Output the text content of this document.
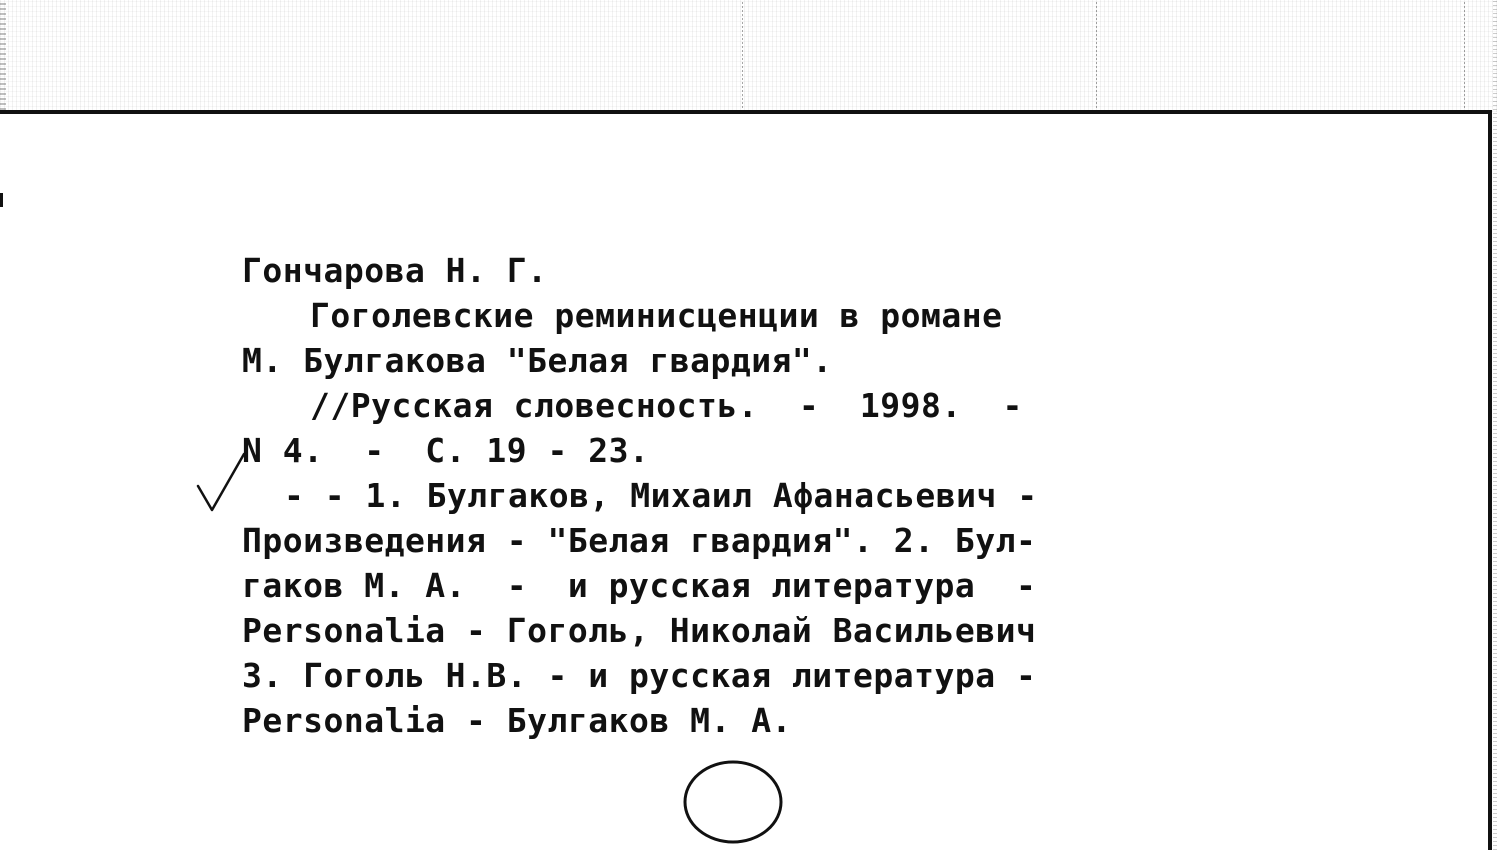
Гончарова Н. Г.
Гоголевские реминисценции в романе
М. Булгакова "Белая гвардия".
//Русская словесность.  -  1998.  -
N 4.  -  С. 19 - 23.
- - 1. Булгаков, Михаил Афанасьевич -
Произведения - "Белая гвардия". 2. Бул-
гаков М. А.  -  и русская литература  -
Personalia - Гоголь, Николай Васильевич
3. Гоголь Н.В. - и русская литература -
Personalia - Булгаков М. А.
